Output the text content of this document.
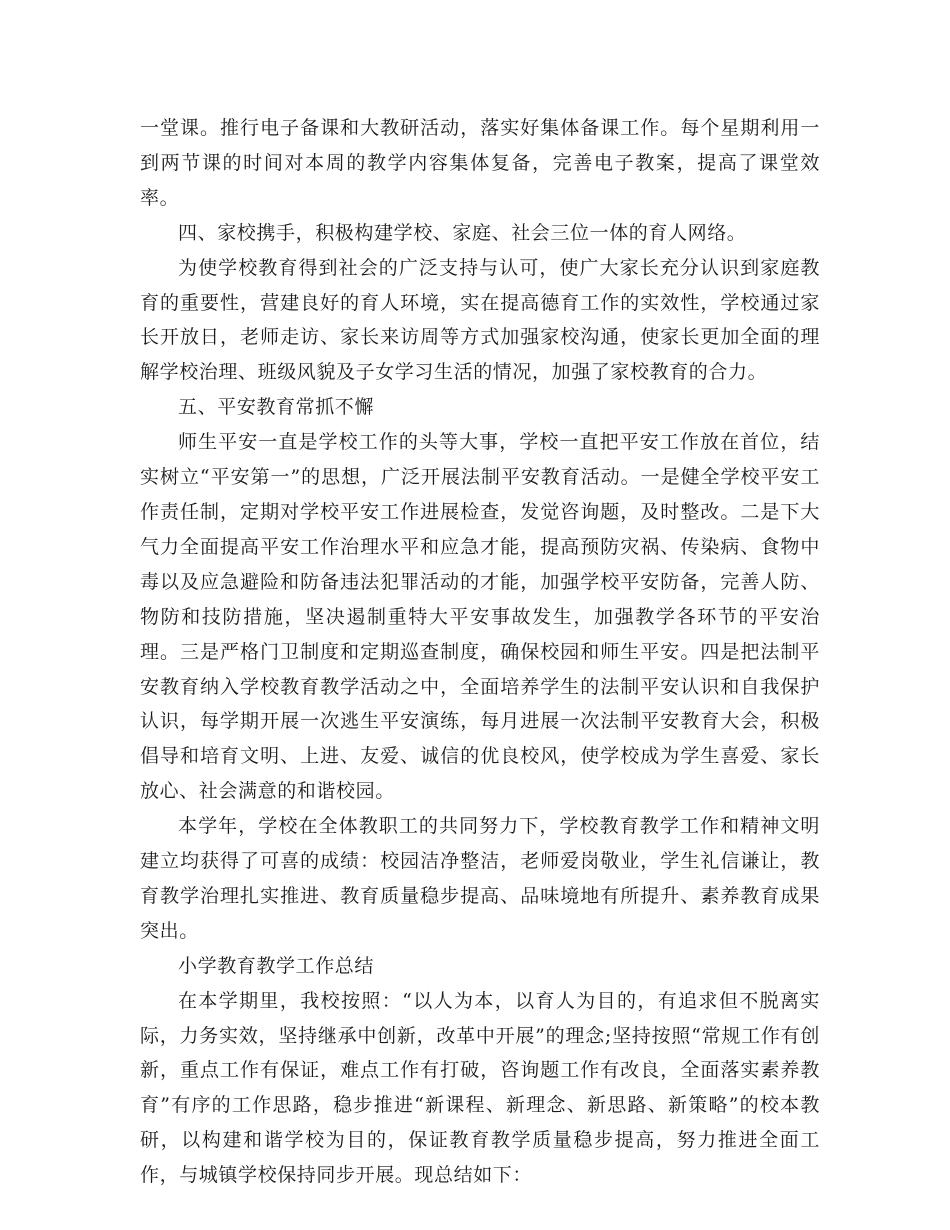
一堂课。推行电子备课和大教研活动，落实好集体备课工作。每个星期利用一到两节课的时间对本周的教学内容集体复备，完善电子教案，提高了课堂效率。

四、家校携手，积极构建学校、家庭、社会三位一体的育人网络。

为使学校教育得到社会的广泛支持与认可，使广大家长充分认识到家庭教育的重要性，营建良好的育人环境，实在提高德育工作的实效性，学校通过家长开放日，老师走访、家长来访周等方式加强家校沟通，使家长更加全面的理解学校治理、班级风貌及子女学习生活的情况，加强了家校教育的合力。

五、平安教育常抓不懈

师生平安一直是学校工作的头等大事，学校一直把平安工作放在首位，结实树立“平安第一”的思想，广泛开展法制平安教育活动。一是健全学校平安工作责任制，定期对学校平安工作进展检查，发觉咨询题，及时整改。二是下大气力全面提高平安工作治理水平和应急才能，提高预防灾祸、传染病、食物中毒以及应急避险和防备违法犯罪活动的才能，加强学校平安防备，完善人防、物防和技防措施，坚决遏制重特大平安事故发生，加强教学各环节的平安治理。三是严格门卫制度和定期巡查制度，确保校园和师生平安。四是把法制平安教育纳入学校教育教学活动之中，全面培养学生的法制平安认识和自我保护认识，每学期开展一次逃生平安演练，每月进展一次法制平安教育大会，积极倡导和培育文明、上进、友爱、诚信的优良校风，使学校成为学生喜爱、家长放心、社会满意的和谐校园。

本学年，学校在全体教职工的共同努力下，学校教育教学工作和精神文明建立均获得了可喜的成绩：校园洁净整洁，老师爱岗敬业，学生礼信谦让，教育教学治理扎实推进、教育质量稳步提高、品味境地有所提升、素养教育成果突出。

小学教育教学工作总结

在本学期里，我校按照：“以人为本，以育人为目的，有追求但不脱离实际，力务实效，坚持继承中创新，改革中开展”的理念;坚持按照“常规工作有创新，重点工作有保证，难点工作有打破，咨询题工作有改良，全面落实素养教育”有序的工作思路，稳步推进“新课程、新理念、新思路、新策略”的校本教研，以构建和谐学校为目的，保证教育教学质量稳步提高，努力推进全面工作，与城镇学校保持同步开展。现总结如下：
